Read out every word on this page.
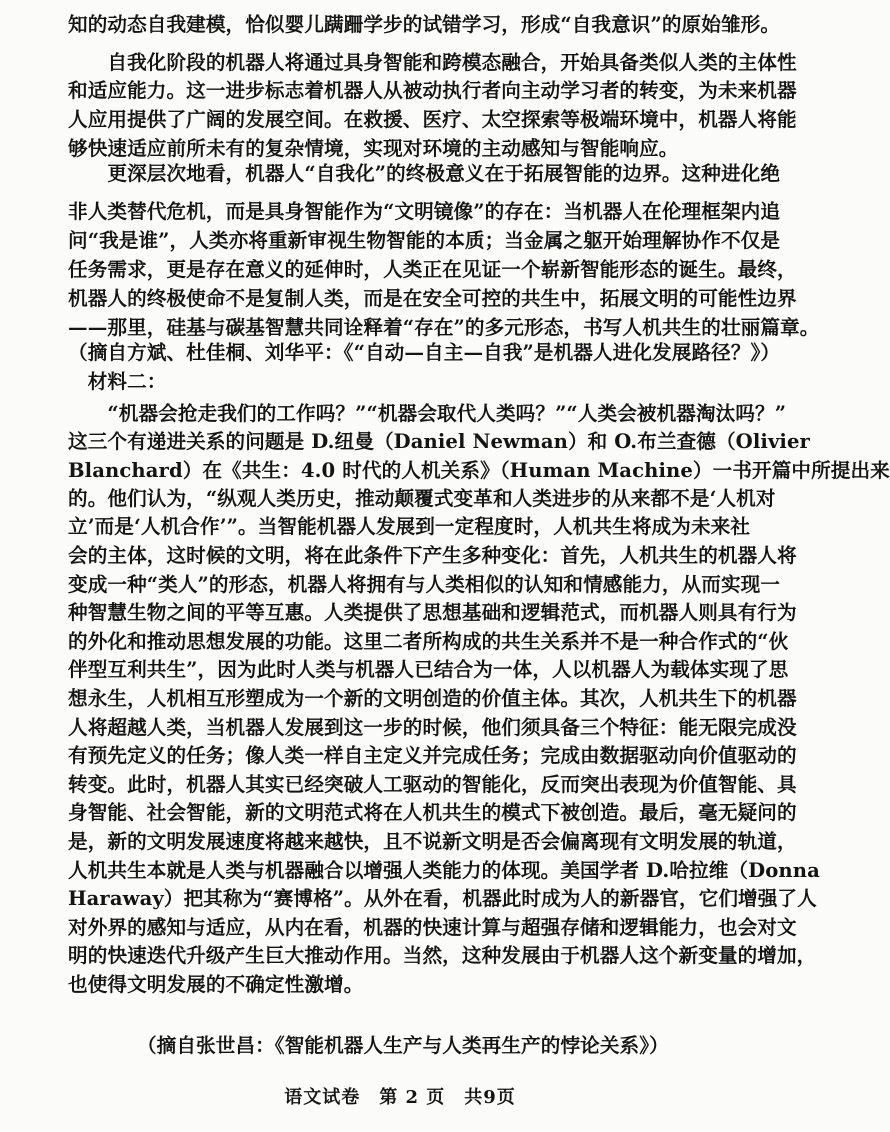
知的动态自我建模，恰似婴儿蹒跚学步的试错学习，形成“自我意识”的原始雏形。
　　自我化阶段的机器人将通过具身智能和跨模态融合，开始具备类似人类的主体性
和适应能力。这一进步标志着机器人从被动执行者向主动学习者的转变，为未来机器
人应用提供了广阔的发展空间。在救援、医疗、太空探索等极端环境中，机器人将能
够快速适应前所未有的复杂情境，实现对环境的主动感知与智能响应。
　　更深层次地看，机器人“自我化”的终极意义在于拓展智能的边界。这种进化绝
非人类替代危机，而是具身智能作为“文明镜像”的存在：当机器人在伦理框架内追
问“我是谁”，人类亦将重新审视生物智能的本质；当金属之躯开始理解协作不仅是
任务需求，更是存在意义的延伸时，人类正在见证一个崭新智能形态的诞生。最终，
机器人的终极使命不是复制人类，而是在安全可控的共生中，拓展文明的可能性边界
——那里，硅基与碳基智慧共同诠释着“存在”的多元形态，书写人机共生的壮丽篇章。
（摘自方斌、杜佳桐、刘华平：《“自动—自主—自我”是机器人进化发展路径？》）
　材料二：
　　“机器会抢走我们的工作吗？”“机器会取代人类吗？”“人类会被机器淘汰吗？”
这三个有递进关系的问题是 D.纽曼（Daniel Newman）和 O.布兰查德（Olivier
Blanchard）在《共生：4.0 时代的人机关系》（Human Machine）一书开篇中所提出来
的。他们认为，“纵观人类历史，推动颠覆式变革和人类进步的从来都不是‘人机对
立’而是‘人机合作’”。当智能机器人发展到一定程度时，人机共生将成为未来社
会的主体，这时候的文明，将在此条件下产生多种变化：首先，人机共生的机器人将
变成一种“类人”的形态，机器人将拥有与人类相似的认知和情感能力，从而实现一
种智慧生物之间的平等互惠。人类提供了思想基础和逻辑范式，而机器人则具有行为
的外化和推动思想发展的功能。这里二者所构成的共生关系并不是一种合作式的“伙
伴型互利共生”，因为此时人类与机器人已结合为一体，人以机器人为载体实现了思
想永生，人机相互形塑成为一个新的文明创造的价值主体。其次，人机共生下的机器
人将超越人类，当机器人发展到这一步的时候，他们须具备三个特征：能无限完成没
有预先定义的任务；像人类一样自主定义并完成任务；完成由数据驱动向价值驱动的
转变。此时，机器人其实已经突破人工驱动的智能化，反而突出表现为价值智能、具
身智能、社会智能，新的文明范式将在人机共生的模式下被创造。最后，毫无疑问的
是，新的文明发展速度将越来越快，且不说新文明是否会偏离现有文明发展的轨道，
人机共生本就是人类与机器融合以增强人类能力的体现。美国学者 D.哈拉维（Donna
Haraway）把其称为“赛博格”。从外在看，机器此时成为人的新器官，它们增强了人
对外界的感知与适应，从内在看，机器的快速计算与超强存储和逻辑能力，也会对文
明的快速迭代升级产生巨大推动作用。当然，这种发展由于机器人这个新变量的增加，
也使得文明发展的不确定性激增。
　　　　（摘自张世昌：《智能机器人生产与人类再生产的悖论关系》）
语文试卷　第 2 页　共9页
